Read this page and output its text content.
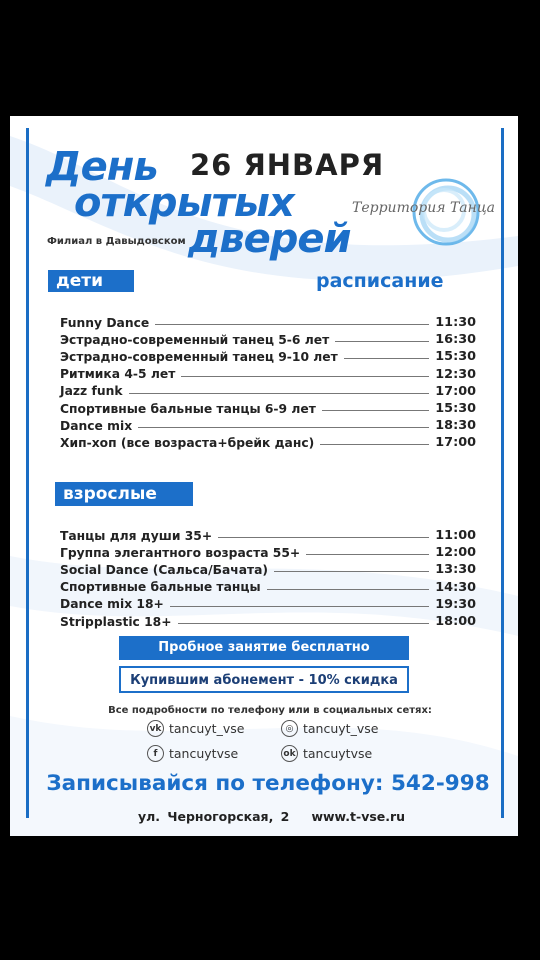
День
открытых
дверей
26 ЯНВАРЯ
Филиал в Давыдовском
Территория Танца
дети	расписание
Funny Dance	11:30
Эстрадно-современный танец 5-6 лет	16:30
Эстрадно-современный танец 9-10 лет	15:30
Ритмика 4-5 лет	12:30
Jazz funk	17:00
Спортивные бальные танцы 6-9 лет	15:30
Dance mix	18:30
Хип-хоп (все возраста+брейк данс)	17:00
взрослые
Танцы для души 35+	11:00
Группа элегантного возраста 55+	12:00
Social Dance (Сальса/Бачата)	13:30
Спортивные бальные танцы	14:30
Dance mix 18+	19:30
Stripplastic 18+	18:00
Пробное занятие бесплатно
Купившим абонемент - 10% скидка
Все подробности по телефону или в социальных сетях:
vk tancuyt_vse	◎ tancuyt_vse
f tancuytvse	ok tancuytvse
Записывайся по телефону: 542-998
ул. Черногорская, 2 www.t-vse.ru
